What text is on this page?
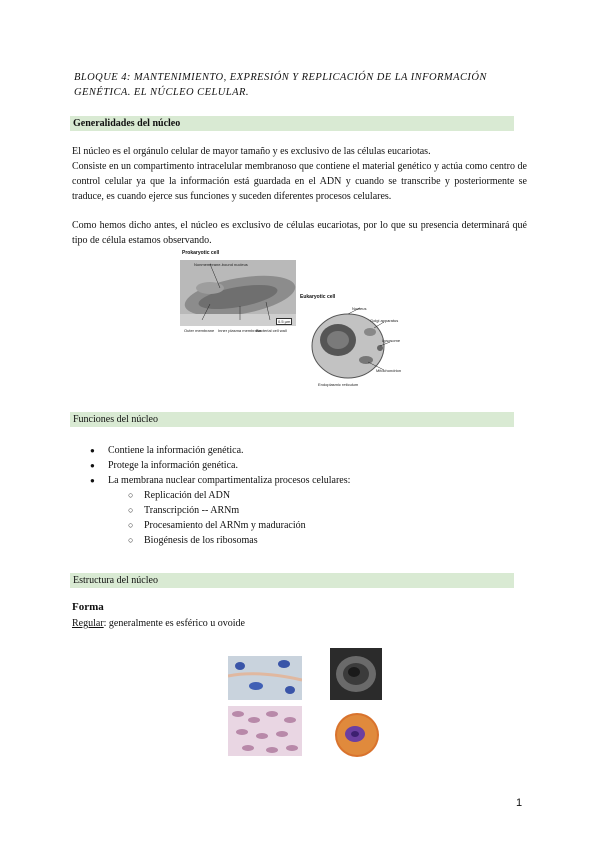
BLOQUE 4: MANTENIMIENTO, EXPRESIÓN Y REPLICACIÓN DE LA INFORMACIÓN GENÉTICA. EL NÚCLEO CELULAR.
Generalidades del núcleo
El núcleo es el orgánulo celular de mayor tamaño y es exclusivo de las células eucariotas.
Consiste en un compartimento intracelular membranoso que contiene el material genético y actúa como centro de control celular ya que la información está guardada en el ADN y cuando se transcribe y posteriormente se traduce, es cuando ejerce sus funciones y suceden diferentes procesos celulares.
Como hemos dicho antes, el núcleo es exclusivo de células eucariotas, por lo que su presencia determinará qué tipo de célula estamos observando.
Prokaryotic cell
Nonmembrane-bound nucleus
Outer membrane Inner plasma membrane
Bacterial cell wall
0.5 µm
Eukaryotic cell
Nucleus
Golgi apparatus
Lysosome
Mitochondrion
Endoplasmic reticulum
Funciones del núcleo
● Contiene la información genética.
● Protege la información genética.
● La membrana nuclear compartimentaliza procesos celulares:
○ Replicación del ADN
○ Transcripción -- ARNm
○ Procesamiento del ARNm y maduración
○ Biogénesis de los ribosomas
Estructura del núcleo
Forma
Regular: generalmente es esférico u ovoide
1
